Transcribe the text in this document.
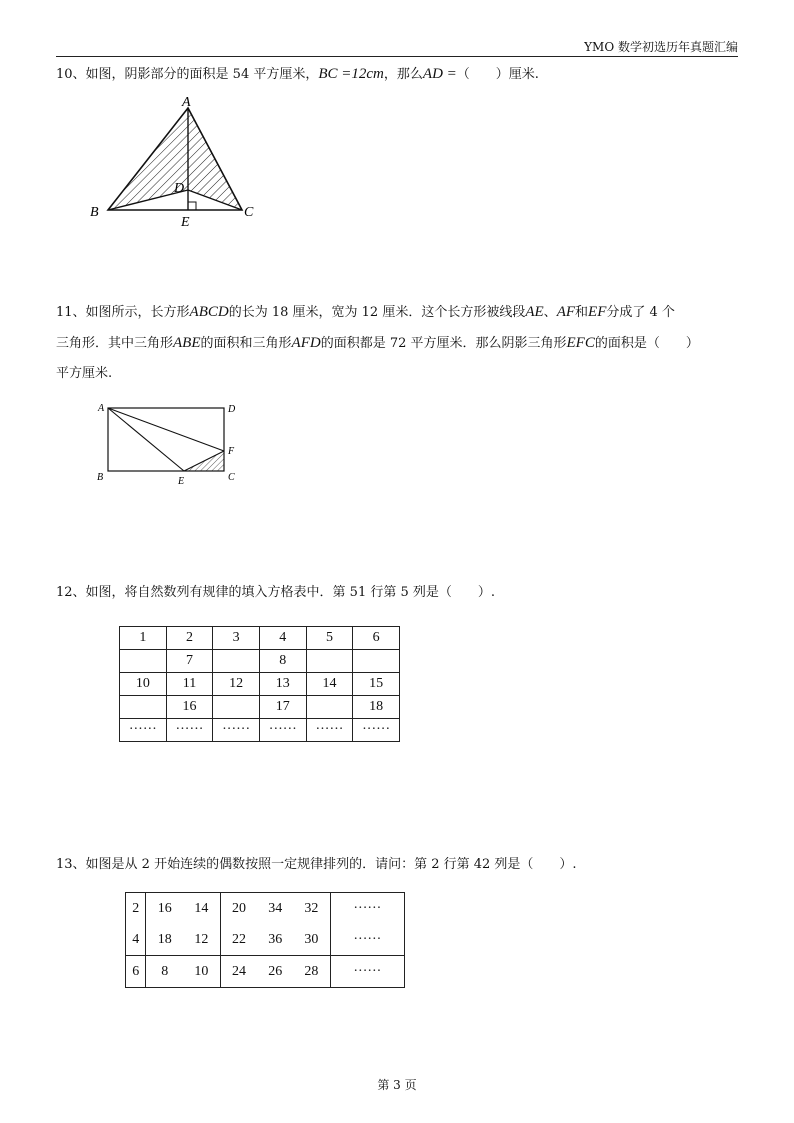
YMO 数学初选历年真题汇编

10、如图，阴影部分的面积是 54 平方厘米，BC =12cm，那么AD =（　　）厘米.

A
B	C
D
E

11、如图所示，长方形ABCD的长为 18 厘米，宽为 12 厘米．这个长方形被线段AE、AF和EF分成了 4 个

三角形．其中三角形ABE的面积和三角形AFD的面积都是 72 平方厘米．那么阴影三角形EFC的面积是（　　）

平方厘米.

A	D
B	C
E
F

12、如图，将自然数列有规律的填入方格表中．第 51 行第 5 列是（　　）.

1	2	3	4	5	6
	7		8		
10	11	12	13	14	15
	16		17		18
······	······	······	······	······	······

13、如图是从 2 开始连续的偶数按照一定规律排列的．请问：第 2 行第 42 列是（　　）.

2	16	14	20	34	32	······
4	18	12	22	36	30	······
6	8	10	24	26	28	······
第 3 页
